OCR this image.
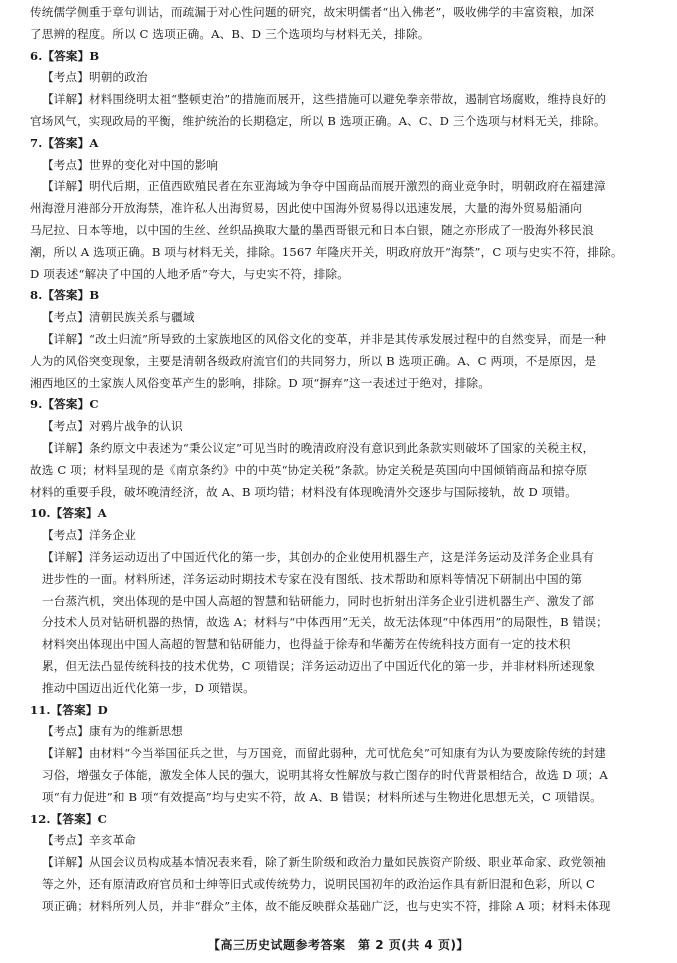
传统儒学侧重于章句训诂，而疏漏于对心性问题的研究，故宋明儒者“出入佛老”，吸收佛学的丰富资粮，加深
了思辨的程度。所以 C 选项正确。A、B、D 三个选项均与材料无关，排除。
6.【答案】B
【考点】明朝的政治
【详解】材料围绕明太祖“整顿吏治”的措施而展开，这些措施可以避免拳亲带故，遏制官场腐败，维持良好的
官场风气，实现政局的平衡，维护统治的长期稳定，所以 B 选项正确。A、C、D 三个选项与材料无关，排除。
7.【答案】A
【考点】世界的变化对中国的影响
【详解】明代后期，正值西欧殖民者在东亚海域为争夺中国商品而展开激烈的商业竞争时，明朝政府在福建漳
州海澄月港部分开放海禁，准许私人出海贸易，因此使中国海外贸易得以迅速发展，大量的海外贸易船涌向
马尼拉、日本等地，以中国的生丝、丝织品换取大量的墨西哥银元和日本白银，随之亦形成了一股海外移民浪
潮，所以 A 选项正确。B 项与材料无关，排除。1567 年隆庆开关，明政府放开“海禁”，C 项与史实不符，排除。
D 项表述“解决了中国的人地矛盾”夸大，与史实不符，排除。
8.【答案】B
【考点】清朝民族关系与疆域
【详解】“改土归流”所导致的土家族地区的风俗文化的变革，并非是其传承发展过程中的自然变异，而是一种
人为的风俗突变现象，主要是清朝各级政府流官们的共同努力，所以 B 选项正确。A、C 两项，不是原因，是
湘西地区的土家族人风俗变革产生的影响，排除。D 项“摒弃”这一表述过于绝对，排除。
9.【答案】C
【考点】对鸦片战争的认识
【详解】条约原文中表述为“秉公议定”可见当时的晚清政府没有意识到此条款实则破坏了国家的关税主权，
故选 C 项；材料呈现的是《南京条约》中的中英“协定关税”条款。协定关税是英国向中国倾销商品和掠夺原
材料的重要手段，破坏晚清经济，故 A、B 项均错；材料没有体现晚清外交逐步与国际接轨，故 D 项错。
10.【答案】A
【考点】洋务企业
【详解】洋务运动迈出了中国近代化的第一步，其创办的企业使用机器生产，这是洋务运动及洋务企业具有
进步性的一面。材料所述，洋务运动时期技术专家在没有图纸、技术帮助和原料等情况下研制出中国的第
一台蒸汽机，突出体现的是中国人高超的智慧和钻研能力，同时也折射出洋务企业引进机器生产、激发了部
分技术人员对钻研机器的热情，故选 A；材料与“中体西用”无关，故无法体现“中体西用”的局限性，B 错误；
材料突出体现出中国人高超的智慧和钻研能力，也得益于徐寿和华蘅芳在传统科技方面有一定的技术积
累，但无法凸显传统科技的技术优势，C 项错误；洋务运动迈出了中国近代化的第一步，并非材料所述现象
推动中国迈出近代化第一步，D 项错误。
11.【答案】D
【考点】康有为的维新思想
【详解】由材料“今当举国征兵之世，与万国竞，而留此弱种，尤可忧危矣”可知康有为认为要废除传统的封建
习俗，增强女子体能，激发全体人民的强大，说明其将女性解放与救亡图存的时代背景相结合，故选 D 项；A
项“有力促进”和 B 项“有效提高”均与史实不符，故 A、B 错误；材料所述与生物进化思想无关，C 项错误。
12.【答案】C
【考点】辛亥革命
【详解】从国会议员构成基本情况表来看，除了新生阶级和政治力量如民族资产阶级、职业革命家、政党领袖
等之外，还有原清政府官员和士绅等旧式或传统势力，说明民国初年的政治运作具有新旧混和色彩，所以 C
项正确；材料所列人员，并非“群众”主体，故不能反映群众基础广泛，也与史实不符，排除 A 项；材料未体现
【高三历史试题参考答案　第 2 页(共 4 页)】
